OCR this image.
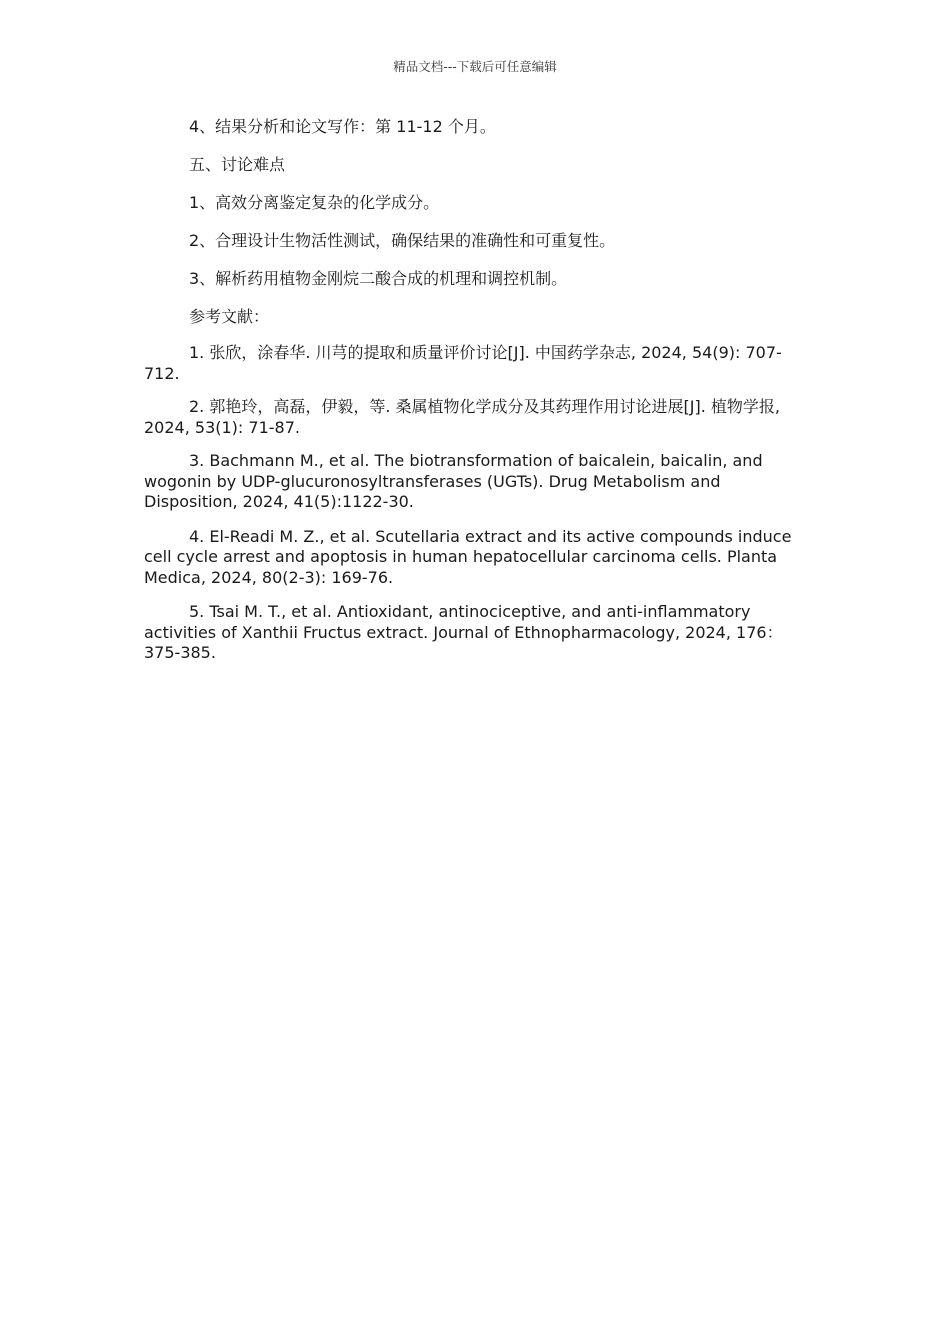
精品文档---下载后可任意编辑

4、结果分析和论文写作：第 11-12 个月。

五、讨论难点

1、高效分离鉴定复杂的化学成分。

2、合理设计生物活性测试，确保结果的准确性和可重复性。

3、解析药用植物金刚烷二酸合成的机理和调控机制。

参考文献：

1. 张欣，涂春华. 川芎的提取和质量评价讨论[J]. 中国药学杂志, 2024, 54(9): 707-712.

2. 郭艳玲，高磊，伊毅，等. 桑属植物化学成分及其药理作用讨论进展[J]. 植物学报, 2024, 53(1): 71-87.

3. Bachmann M., et al. The biotransformation of baicalein, baicalin, and wogonin by UDP-glucuronosyltransferases (UGTs). Drug Metabolism and Disposition, 2024, 41(5):1122-30.

4. El-Readi M. Z., et al. Scutellaria extract and its active compounds induce cell cycle arrest and apoptosis in human hepatocellular carcinoma cells. Planta Medica, 2024, 80(2-3): 169-76.

5. Tsai M. T., et al. Antioxidant, antinociceptive, and anti-inflammatory activities of Xanthii Fructus extract. Journal of Ethnopharmacology, 2024, 176：375-385.
